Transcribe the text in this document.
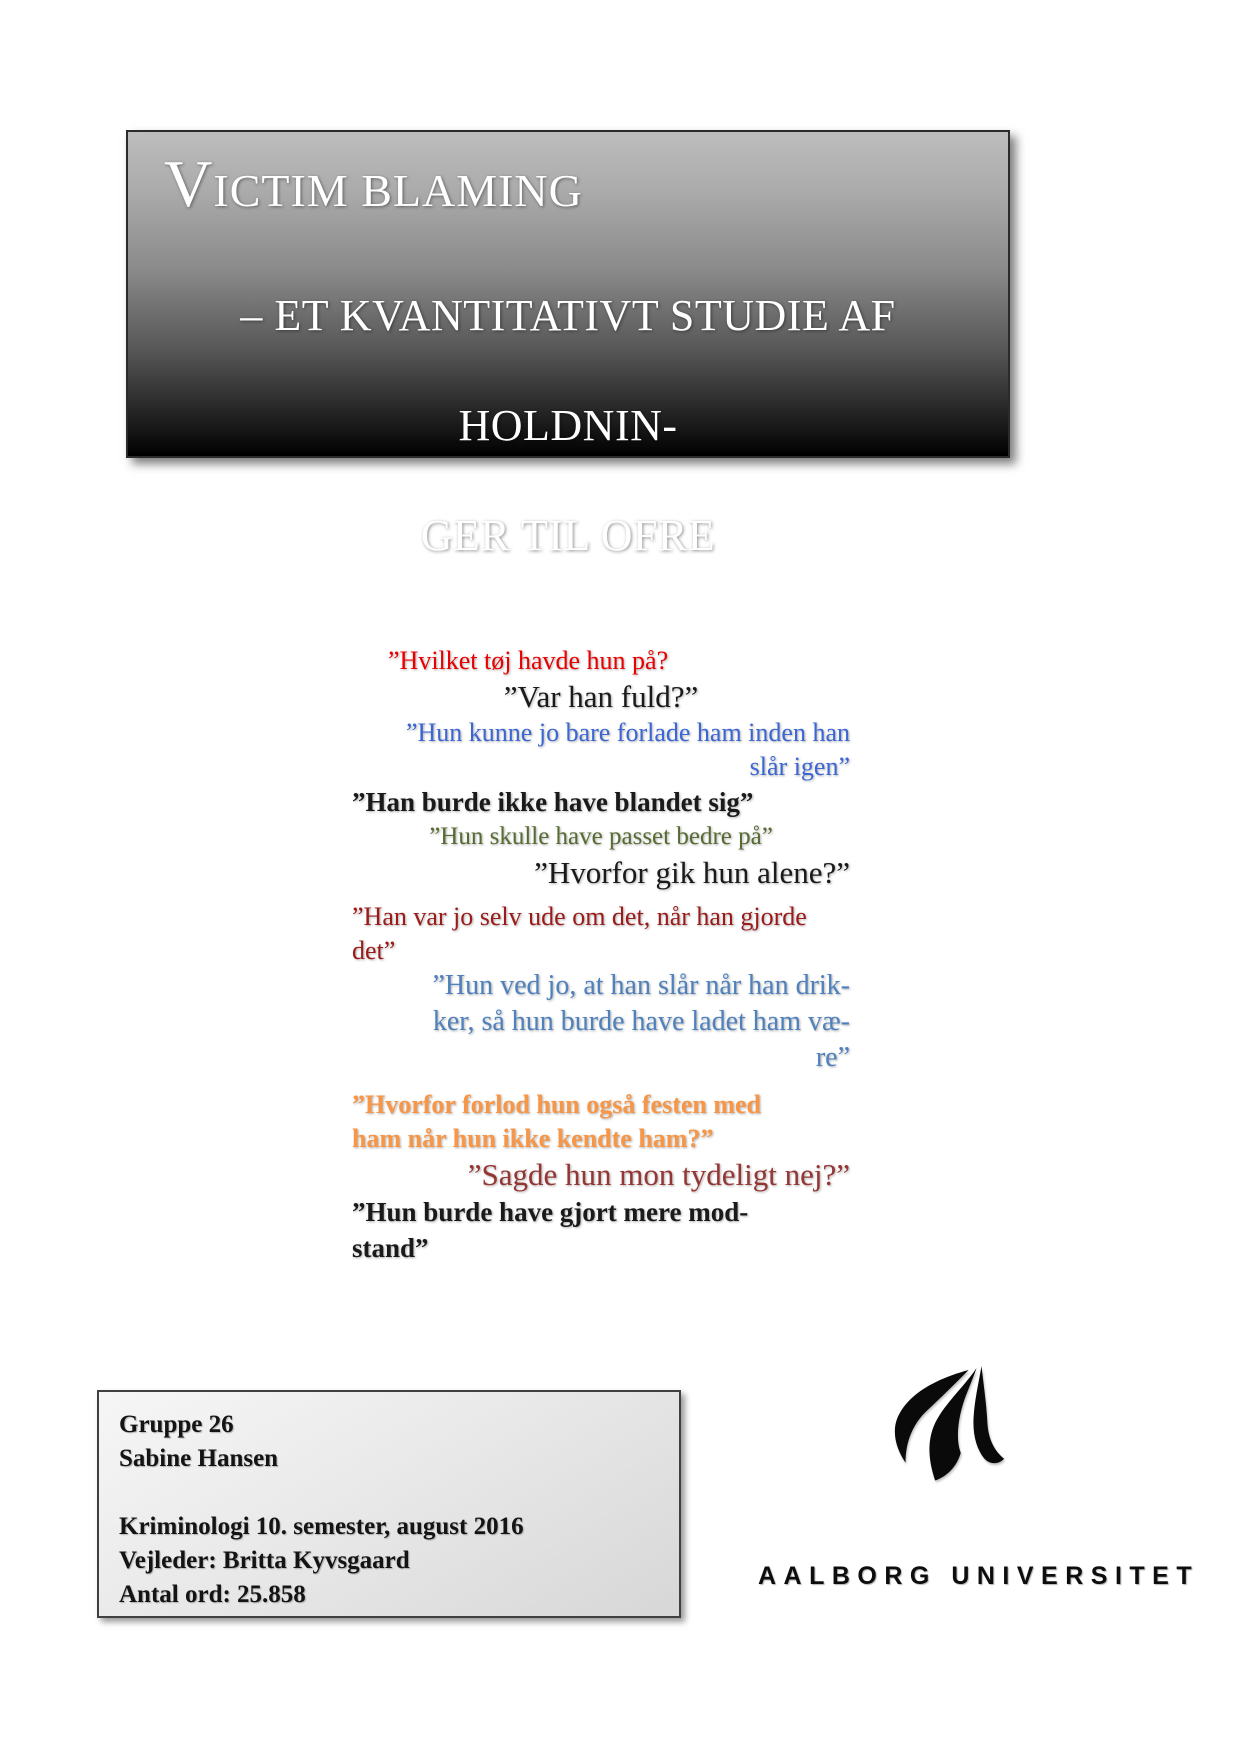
VICTIM BLAMING
– ET KVANTITATIVT STUDIE AF HOLDNIN-
GER TIL OFRE
”Hvilket tøj havde hun på?
”Var han fuld?”
”Hun kunne jo bare forlade ham inden han
slår igen”
”Han burde ikke have blandet sig”
”Hun skulle have passet bedre på”
”Hvorfor gik hun alene?”
”Han var jo selv ude om det, når han gjorde
det”
”Hun ved jo, at han slår når han drik-
ker, så hun burde have ladet ham væ-
re”
”Hvorfor forlod hun også festen med
ham når hun ikke kendte ham?”
”Sagde hun mon tydeligt nej?”
”Hun burde have gjort mere mod-
stand”
Gruppe 26
Sabine Hansen

Kriminologi 10. semester, august 2016
Vejleder: Britta Kyvsgaard
Antal ord: 25.858
AALBORG UNIVERSITET
